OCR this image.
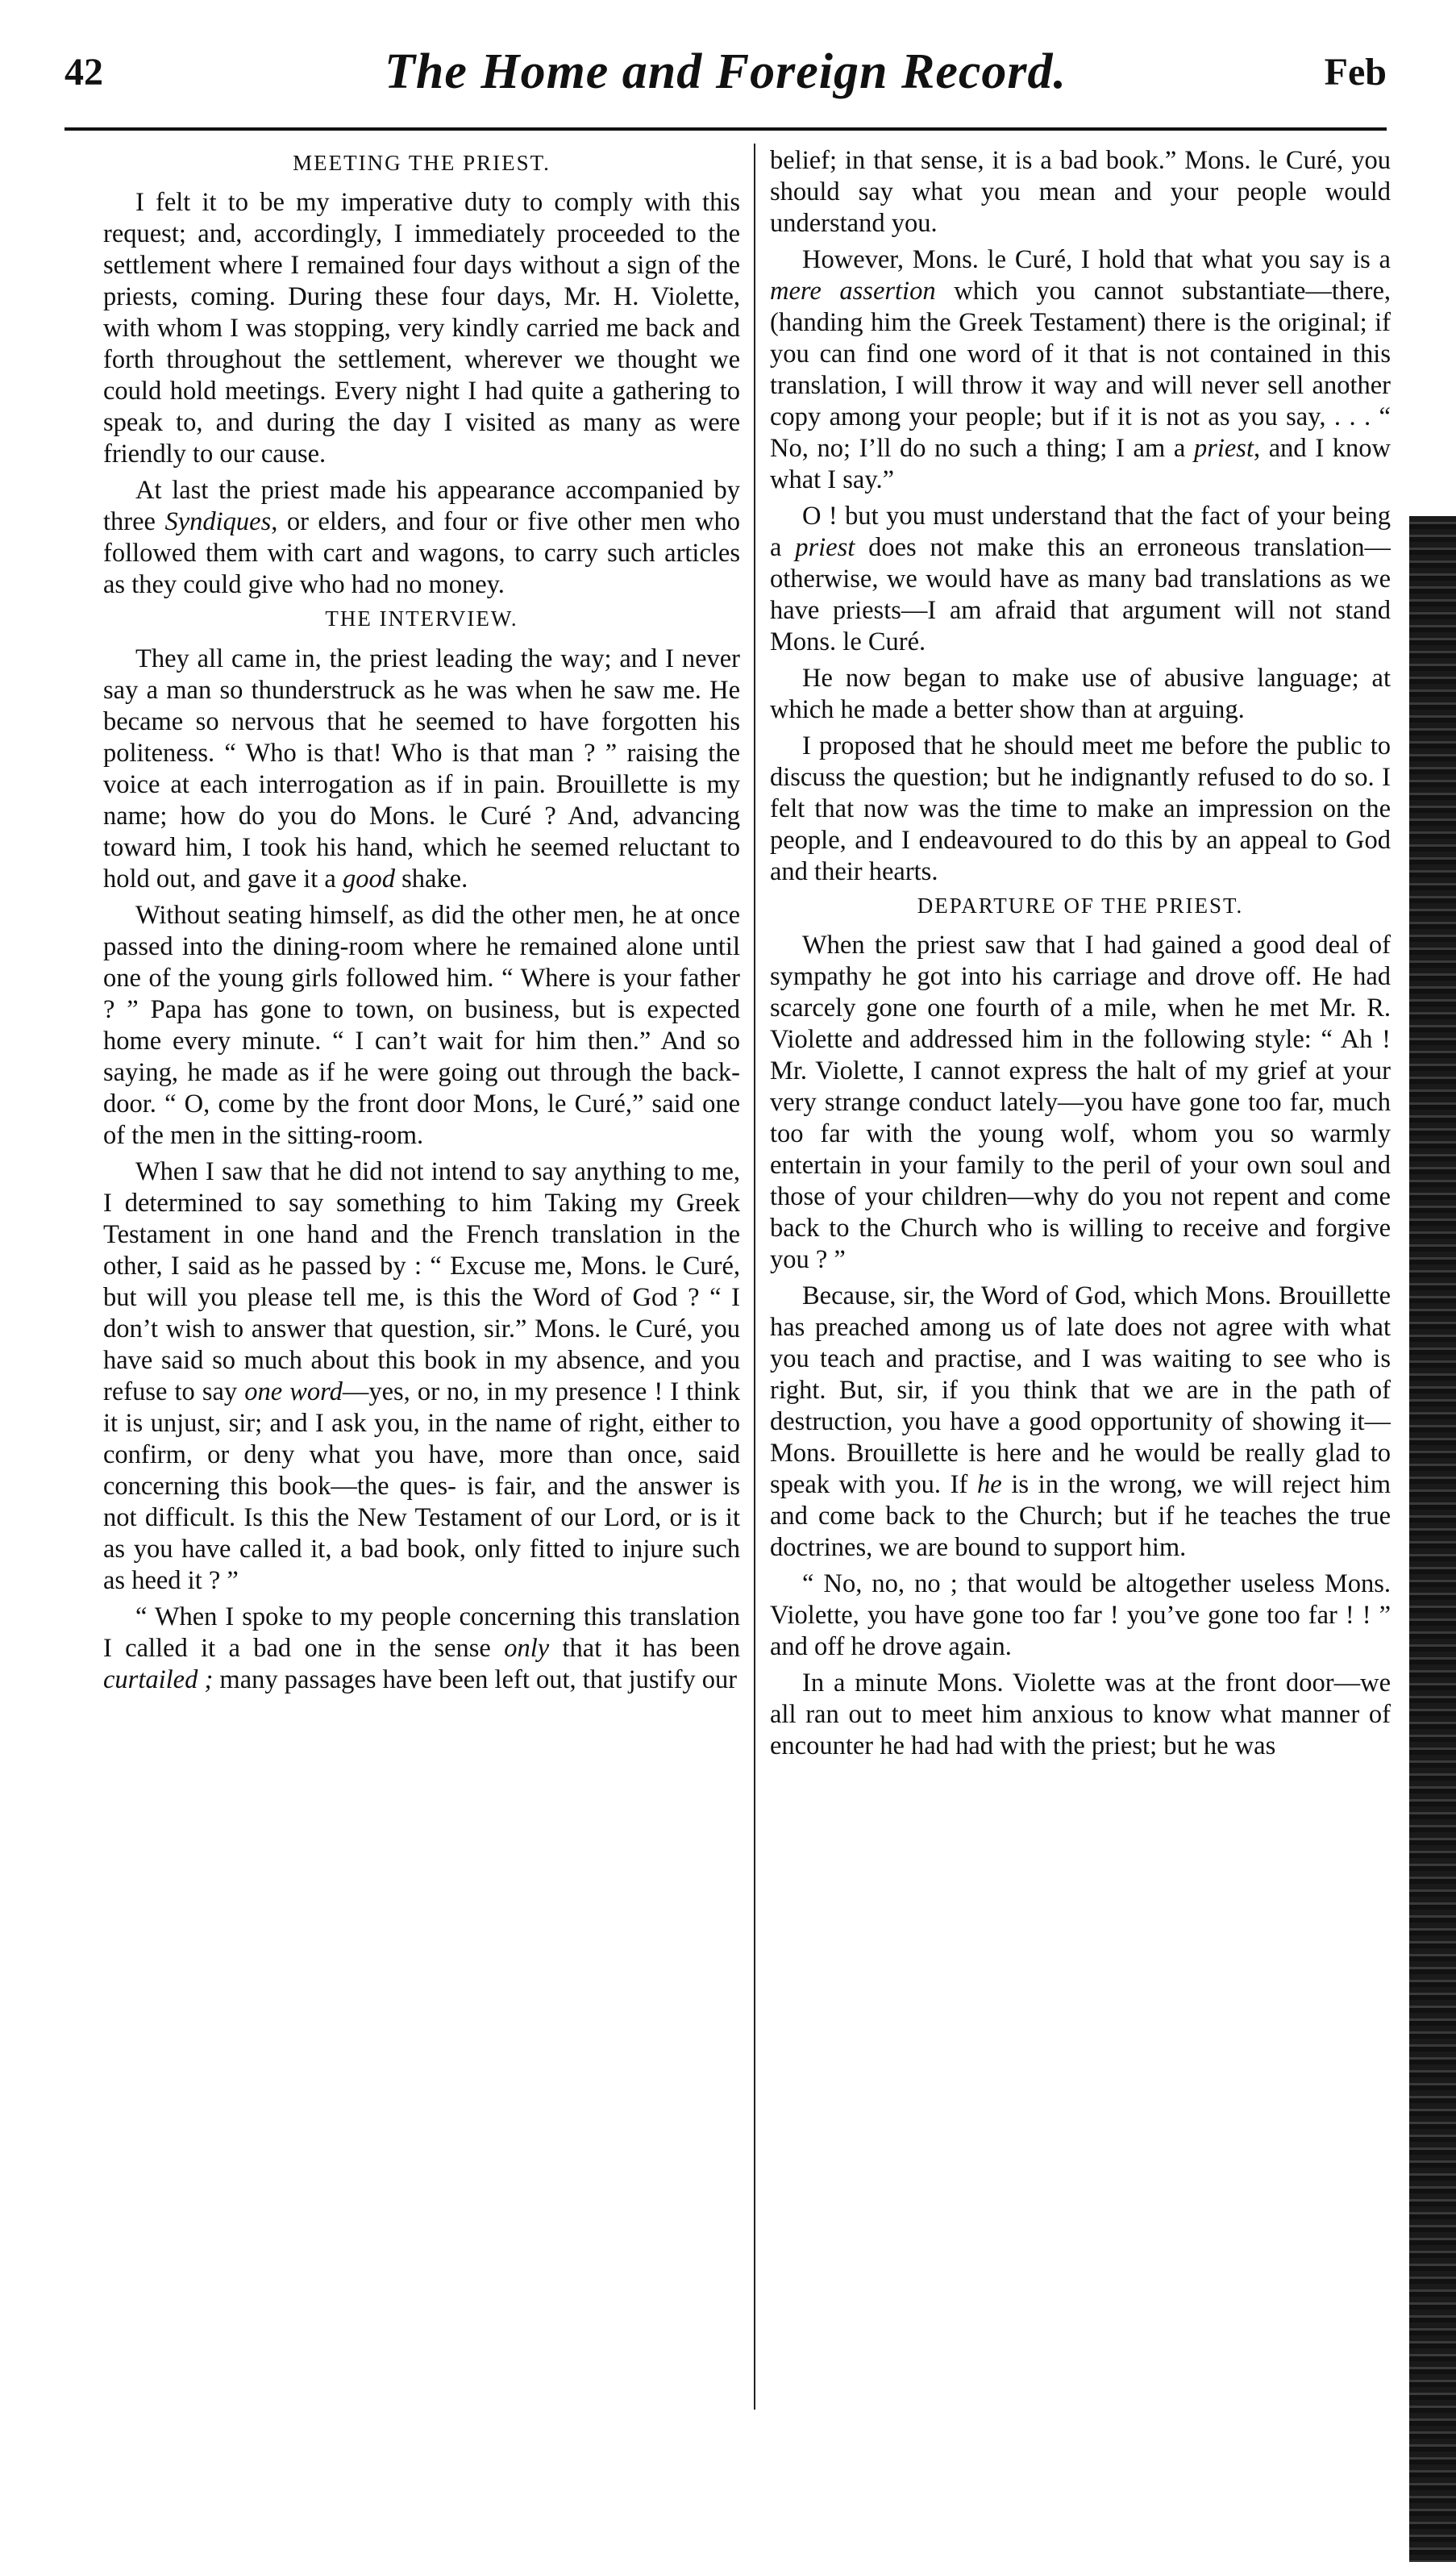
42	The Home and Foreign Record.	Feb
MEETING THE PRIEST.

I felt it to be my imperative duty to comply with this request; and, accordingly, I immediately proceeded to the settlement where I remained four days without a sign of the priests, coming. During these four days, Mr. H. Violette, with whom I was stopping, very kindly carried me back and forth throughout the settlement, wherever we thought we could hold meetings. Every night I had quite a gathering to speak to, and during the day I visited as many as were friendly to our cause.

At last the priest made his appearance accompanied by three Syndiques, or elders, and four or five other men who followed them with cart and wagons, to carry such articles as they could give who had no money.

THE INTERVIEW.

They all came in, the priest leading the way; and I never say a man so thunderstruck as he was when he saw me. He became so nervous that he seemed to have forgotten his politeness. “ Who is that! Who is that man ? ” raising the voice at each interrogation as if in pain. Brouillette is my name; how do you do Mons. le Curé ? And, advancing toward him, I took his hand, which he seemed reluctant to hold out, and gave it a good shake.

Without seating himself, as did the other men, he at once passed into the dining-room where he remained alone until one of the young girls followed him. “ Where is your father ? ” Papa has gone to town, on business, but is expected home every minute. “ I can’t wait for him then.” And so saying, he made as if he were going out through the back-door. “ O, come by the front door Mons, le Curé,” said one of the men in the sitting-room.

When I saw that he did not intend to say anything to me, I determined to say something to him Taking my Greek Testament in one hand and the French translation in the other, I said as he passed by : “ Excuse me, Mons. le Curé, but will you please tell me, is this the Word of God ? “ I don’t wish to answer that question, sir.” Mons. le Curé, you have said so much about this book in my absence, and you refuse to say one word—yes, or no, in my presence ! I think it is unjust, sir; and I ask you, in the name of right, either to confirm, or deny what you have, more than once, said concerning this book—the ques- is fair, and the answer is not difficult. Is this the New Testament of our Lord, or is it as you have called it, a bad book, only fitted to injure such as heed it ? ”

“ When I spoke to my people concerning this translation I called it a bad one in the sense only that it has been curtailed ; many passages have been left out, that justify our

belief; in that sense, it is a bad book.” Mons. le Curé, you should say what you mean and your people would understand you.

However, Mons. le Curé, I hold that what you say is a mere assertion which you cannot substantiate—there, (handing him the Greek Testament) there is the original; if you can find one word of it that is not contained in this translation, I will throw it way and will never sell another copy among your people; but if it is not as you say, . . . “ No, no; I’ll do no such a thing; I am a priest, and I know what I say.”

O ! but you must understand that the fact of your being a priest does not make this an erroneous translation—otherwise, we would have as many bad translations as we have priests—I am afraid that argument will not stand Mons. le Curé.

He now began to make use of abusive language; at which he made a better show than at arguing.

I proposed that he should meet me before the public to discuss the question; but he indignantly refused to do so. I felt that now was the time to make an impression on the people, and I endeavoured to do this by an appeal to God and their hearts.

DEPARTURE OF THE PRIEST.

When the priest saw that I had gained a good deal of sympathy he got into his carriage and drove off. He had scarcely gone one fourth of a mile, when he met Mr. R. Violette and addressed him in the following style: “ Ah ! Mr. Violette, I cannot express the halt of my grief at your very strange conduct lately—you have gone too far, much too far with the young wolf, whom you so warmly entertain in your family to the peril of your own soul and those of your children—why do you not repent and come back to the Church who is willing to receive and forgive you ? ”

Because, sir, the Word of God, which Mons. Brouillette has preached among us of late does not agree with what you teach and practise, and I was waiting to see who is right. But, sir, if you think that we are in the path of destruction, you have a good opportunity of showing it—Mons. Brouillette is here and he would be really glad to speak with you. If he is in the wrong, we will reject him and come back to the Church; but if he teaches the true doctrines, we are bound to support him.

“ No, no, no ; that would be altogether useless Mons. Violette, you have gone too far ! you’ve gone too far ! ! ” and off he drove again.

In a minute Mons. Violette was at the front door—we all ran out to meet him anxious to know what manner of encounter he had had with the priest; but he was
